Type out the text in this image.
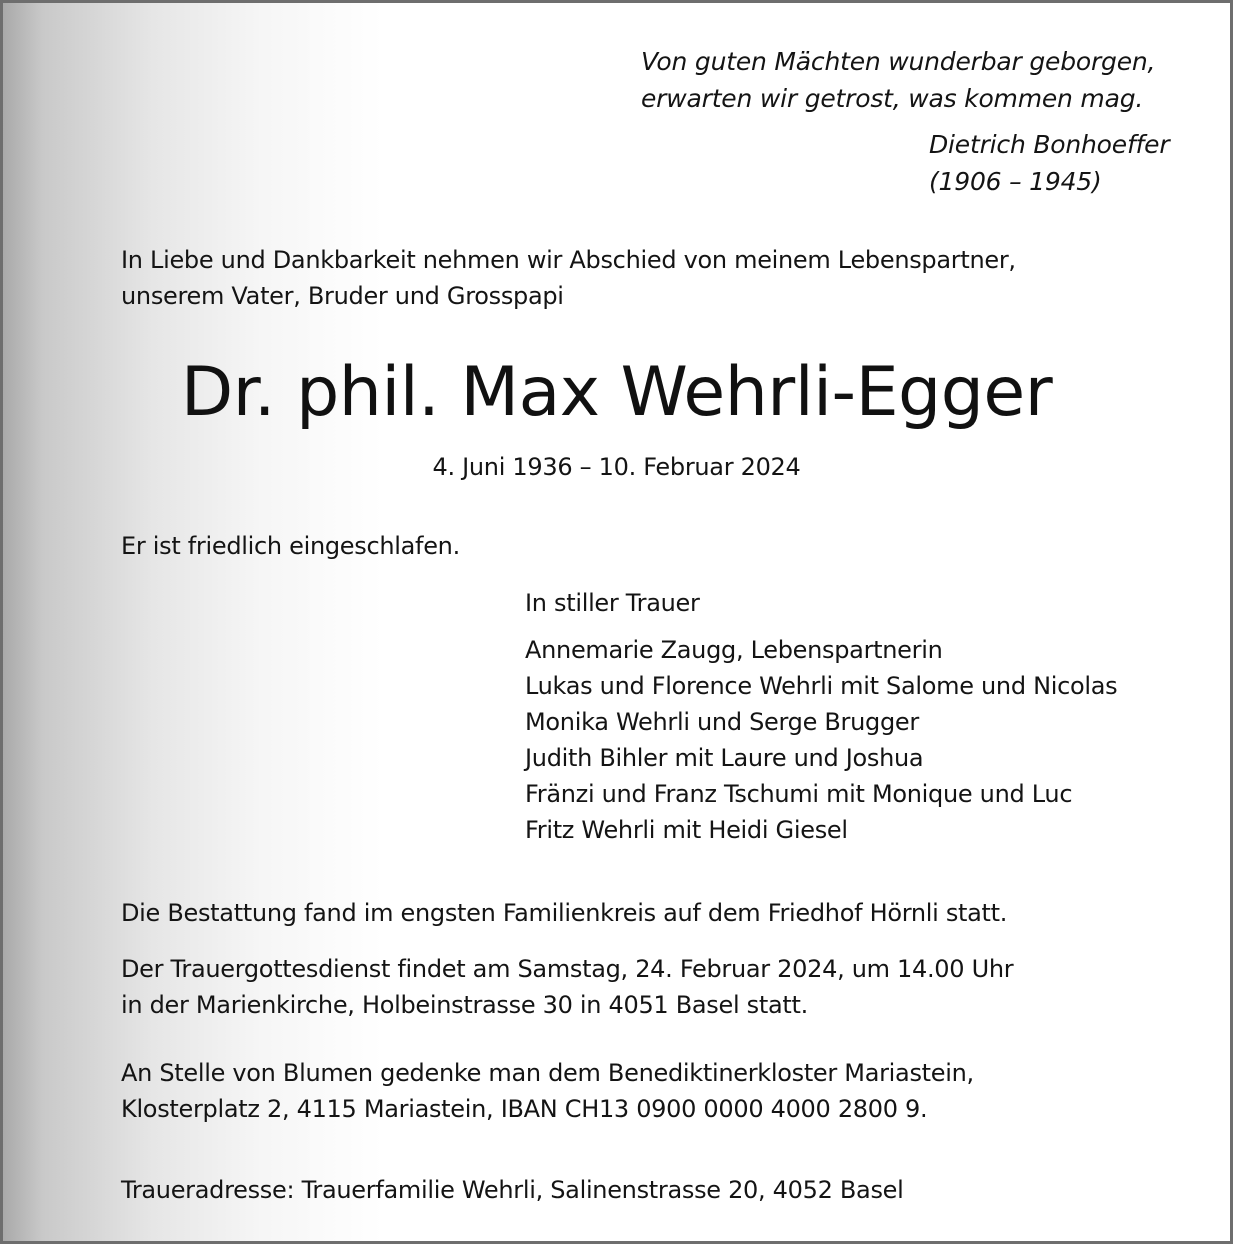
Von guten Mächten wunderbar geborgen,
erwarten wir getrost, was kommen mag.
Dietrich Bonhoeffer
(1906 – 1945)
In Liebe und Dankbarkeit nehmen wir Abschied von meinem Lebenspartner,
unserem Vater, Bruder und Grosspapi
Dr. phil. Max Wehrli-Egger
4. Juni 1936 – 10. Februar 2024
Er ist friedlich eingeschlafen.
In stiller Trauer
Annemarie Zaugg, Lebenspartnerin
Lukas und Florence Wehrli mit Salome und Nicolas
Monika Wehrli und Serge Brugger
Judith Bihler mit Laure und Joshua
Fränzi und Franz Tschumi mit Monique und Luc
Fritz Wehrli mit Heidi Giesel
Die Bestattung fand im engsten Familienkreis auf dem Friedhof Hörnli statt.
Der Trauergottesdienst findet am Samstag, 24. Februar 2024, um 14.00 Uhr
in der Marienkirche, Holbeinstrasse 30 in 4051 Basel statt.
An Stelle von Blumen gedenke man dem Benediktinerkloster Mariastein,
Klosterplatz 2, 4115 Mariastein, IBAN CH13 0900 0000 4000 2800 9.
Traueradresse: Trauerfamilie Wehrli, Salinenstrasse 20, 4052 Basel
